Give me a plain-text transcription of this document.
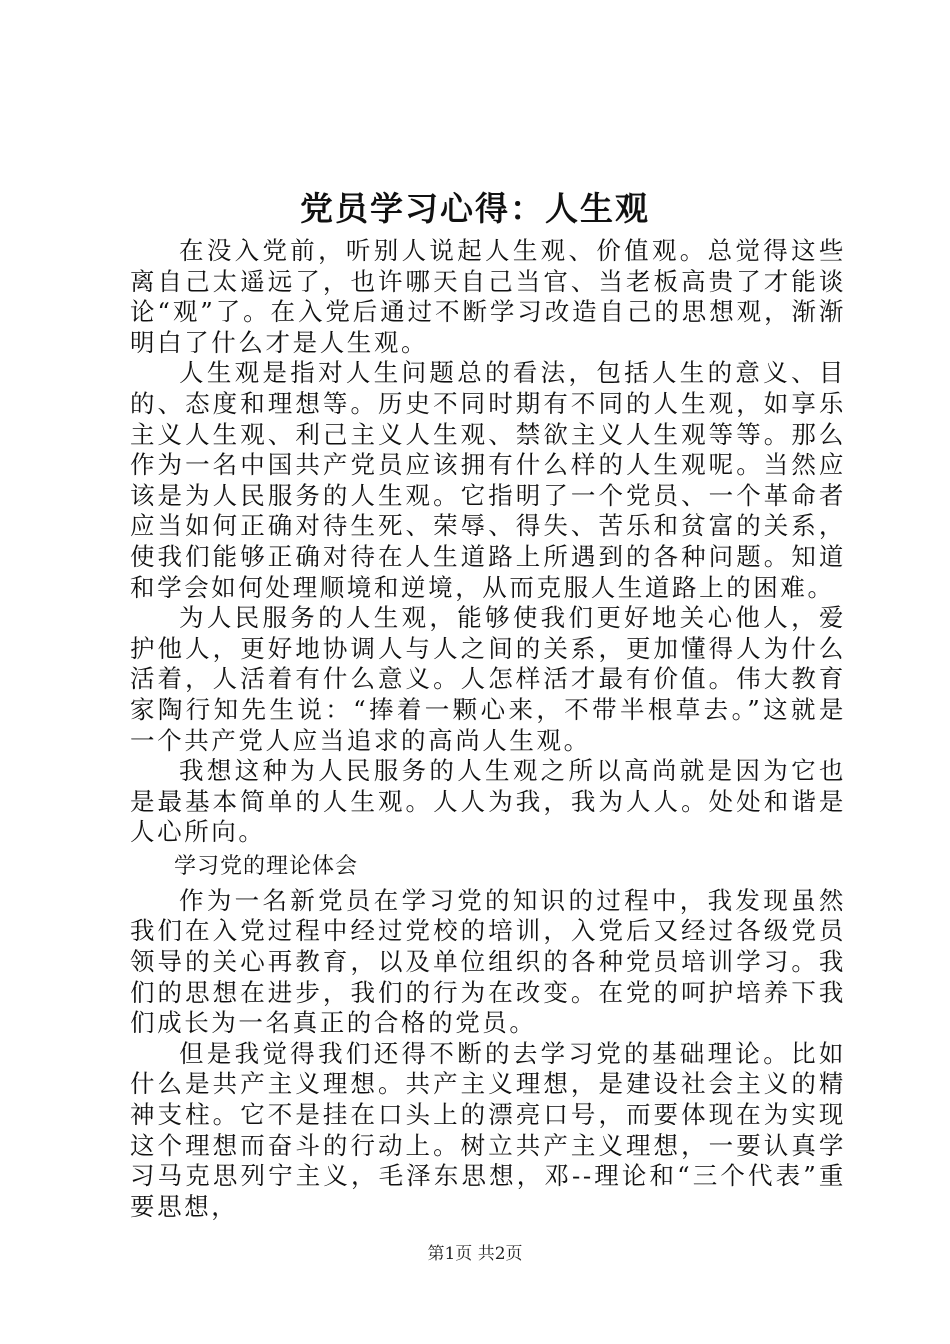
党员学习心得：人生观

在没入党前，听别人说起人生观、价值观。总觉得这些离自己太遥远了，也许哪天自己当官、当老板高贵了才能谈论“观”了。在入党后通过不断学习改造自己的思想观，渐渐明白了什么才是人生观。

人生观是指对人生问题总的看法，包括人生的意义、目的、态度和理想等。历史不同时期有不同的人生观，如享乐主义人生观、利己主义人生观、禁欲主义人生观等等。那么作为一名中国共产党员应该拥有什么样的人生观呢。当然应该是为人民服务的人生观。它指明了一个党员、一个革命者应当如何正确对待生死、荣辱、得失、苦乐和贫富的关系，使我们能够正确对待在人生道路上所遇到的各种问题。知道和学会如何处理顺境和逆境，从而克服人生道路上的困难。

为人民服务的人生观，能够使我们更好地关心他人，爱护他人，更好地协调人与人之间的关系，更加懂得人为什么活着，人活着有什么意义。人怎样活才最有价值。伟大教育家陶行知先生说：“捧着一颗心来，不带半根草去。”这就是一个共产党人应当追求的高尚人生观。

我想这种为人民服务的人生观之所以高尚就是因为它也是最基本简单的人生观。人人为我，我为人人。处处和谐是人心所向。

学习党的理论体会

作为一名新党员在学习党的知识的过程中，我发现虽然我们在入党过程中经过党校的培训，入党后又经过各级党员领导的关心再教育，以及单位组织的各种党员培训学习。我们的思想在进步，我们的行为在改变。在党的呵护培养下我们成长为一名真正的合格的党员。

但是我觉得我们还得不断的去学习党的基础理论。比如什么是共产主义理想。共产主义理想，是建设社会主义的精神支柱。它不是挂在口头上的漂亮口号，而要体现在为实现这个理想而奋斗的行动上。树立共产主义理想，一要认真学习马克思列宁主义，毛泽东思想，邓--理论和“三个代表”重要思想，

第1页 共2页
